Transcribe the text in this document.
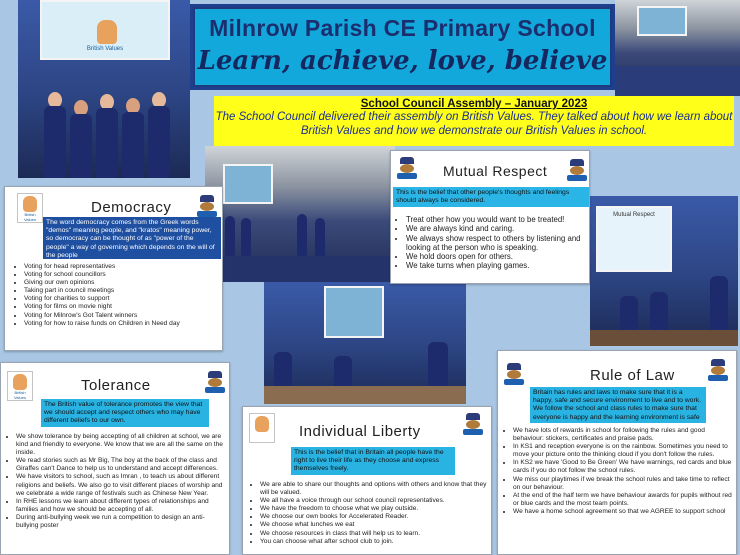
British Values
Mutual Respect
Milnrow Parish CE Primary School
Learn, achieve, love, believe
School Council Assembly – January 2023

The School Council delivered their assembly on British Values. They talked about how we learn about British Values and how we demonstrate our British Values in school.

British Values
Democracy
The word democracy comes from the Greek words "demos" meaning people, and "kratos" meaning power, so democracy can be thought of as "power of the people" a way of governing which depends on the will of the people
• Voting for head representatives
• Voting for school councillors
• Giving our own opinions
• Taking part in council meetings
• Voting for charities to support
• Voting for films on movie night
• Voting for Milnrow's Got Talent winners
• Voting for how to raise funds on Children in Need day
Mutual Respect
This is the belief that other people's thoughts and feelings should always be considered.
• Treat other how you would want to be treated!
• We are always kind and caring.
• We always show respect to others by listening and looking at the person who is speaking.
• We hold doors open for others.
• We take turns when playing games.
British Values
Tolerance
The British value of tolerance promotes the view that we should accept and respect others who may have different beliefs to our own.
• We show tolerance by being accepting of all children at school, we are kind and friendly to everyone. We know that we are all the same on the inside.
• We read stories such as Mr Big, The boy at the back of the class and Giraffes can't Dance to help us to understand and accept differences.
• We have visitors to school, such as Imran , to teach us about different religions and beliefs. We also go to visit different places of worship and we celebrate a wide range of festivals such as Chinese New Year.
• In RHE lessons we learn about different types of relationships and families and how we should be accepting of all.
• During anti-bullying week we run a competition to design an anti-bullying poster
Individual Liberty
This is the belief that in Britain all people have the right to live their life as they choose and express themselves freely.
• We are able to share our thoughts and options with others and know that they will be valued.
• We all have a voice through our school council representatives.
• We have the freedom to choose what we play outside.
• We choose our own books for Accelerated Reader.
• We choose what lunches we eat
• We choose resources in class that will help us to learn.
• You can choose what after school club to join.
Rule of Law
Britain has rules and laws to make sure that it is a happy, safe and secure environment to live and to work. We follow the school and class rules to make sure that everyone is happy and the learning environment is safe
• We have lots of rewards in school for following the rules and good behaviour: stickers, certificates and praise pads.
• In KS1 and reception everyone is on the rainbow. Sometimes you need to move your picture onto the thinking cloud if you don't follow the rules.
• In KS2 we have 'Good to Be Green' We have warnings, red cards and blue cards if you do not follow the school rules.
• We miss our playtimes if we break the school rules and take time to reflect on our behaviour.
• At the end of the half term we have behaviour awards for pupils without red or blue cards and the most team points.
• We have a home school agreement so that we AGREE to support school
